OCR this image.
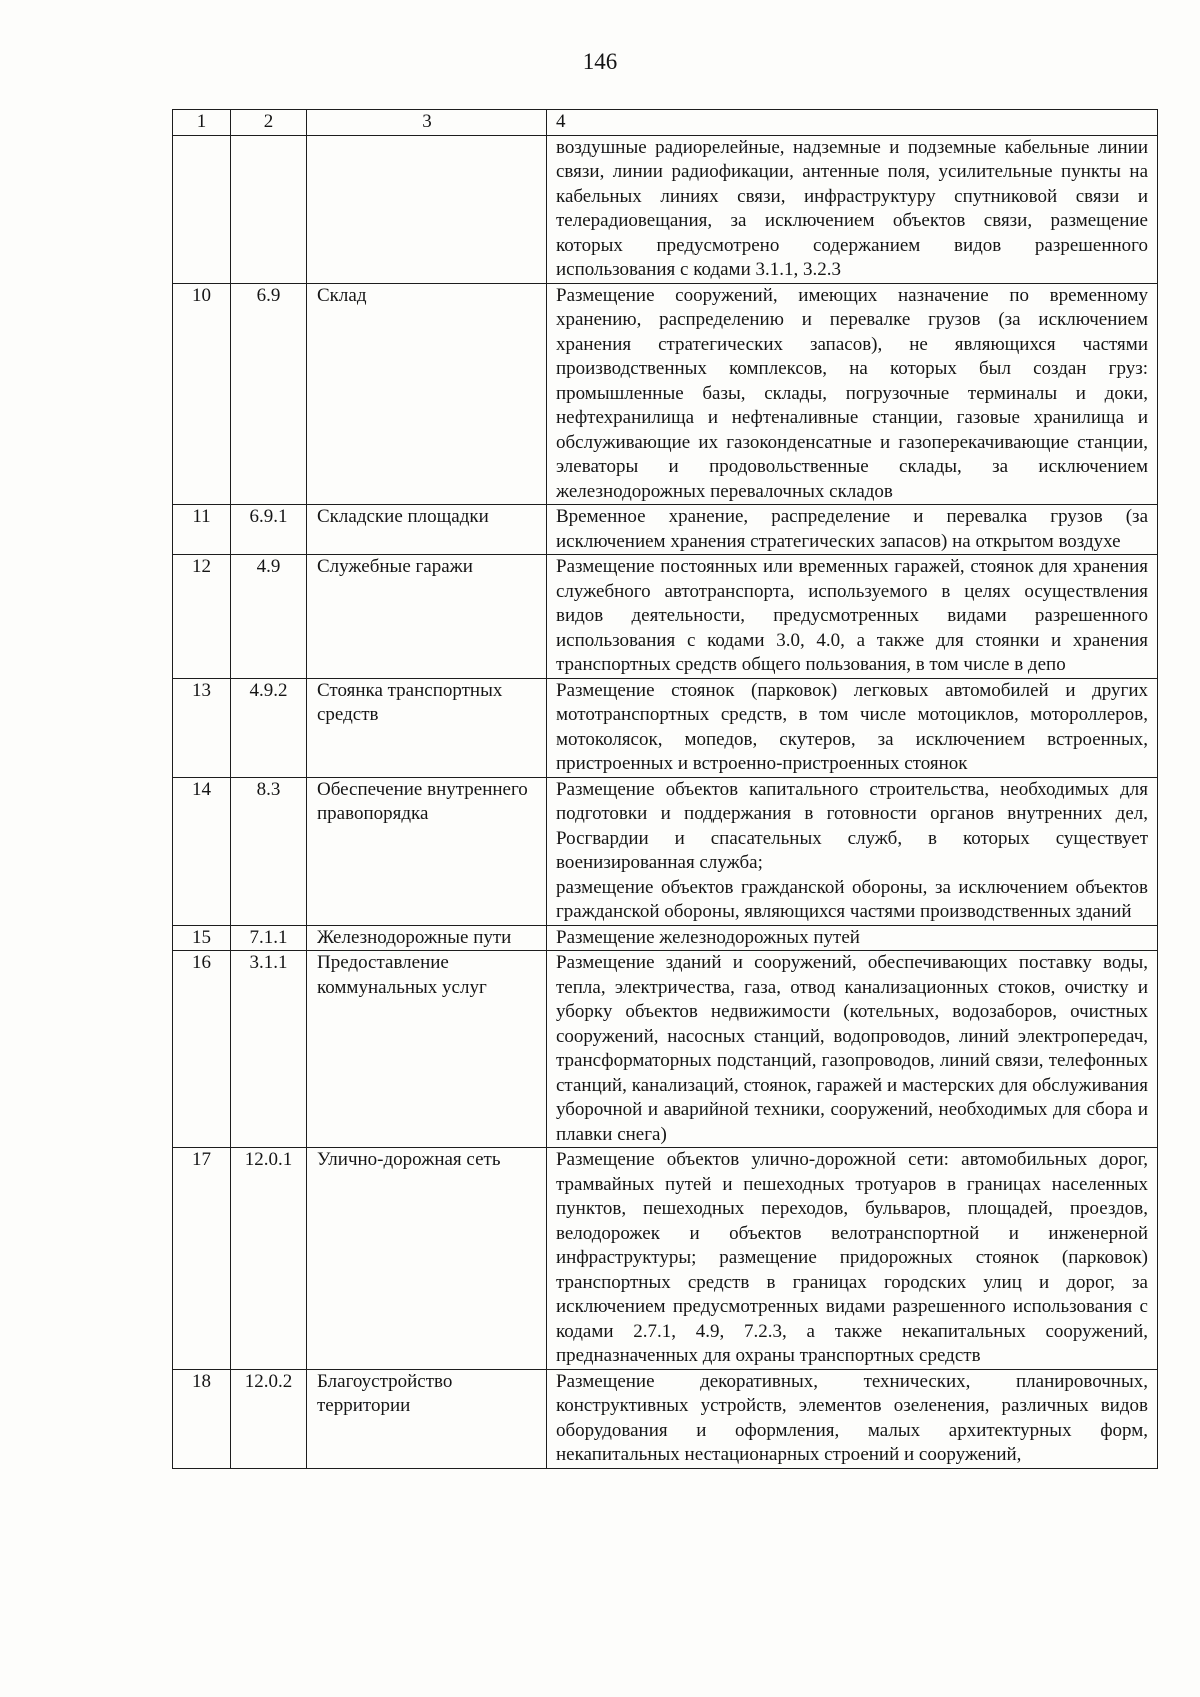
146
1	2	3	4

			воздушные радиорелейные, надземные и подземные кабельные линии связи, линии радиофикации, антенные поля, усилительные пункты на кабельных линиях связи, инфраструктуру спутниковой связи и телерадиовещания, за исключением объектов связи, размещение которых предусмотрено содержанием видов разрешенного использования с кодами 3.1.1, 3.2.3

10	6.9	Склад	Размещение сооружений, имеющих назначение по временному хранению, распределению и перевалке грузов (за исключением хранения стратегических запасов), не являющихся частями производственных комплексов, на которых был создан груз: промышленные базы, склады, погрузочные терминалы и доки, нефтехранилища и нефтеналивные станции, газовые хранилища и обслуживающие их газоконденсатные и газоперекачивающие станции, элеваторы и продовольственные склады, за исключением железнодорожных перевалочных складов

11	6.9.1	Складские площадки	Временное хранение, распределение и перевалка грузов (за исключением хранения стратегических запасов) на открытом воздухе

12	4.9	Служебные гаражи	Размещение постоянных или временных гаражей, стоянок для хранения служебного автотранспорта, используемого в целях осуществления видов деятельности, предусмотренных видами разрешенного использования с кодами 3.0, 4.0, а также для стоянки и хранения транспортных средств общего пользования, в том числе в депо

13	4.9.2	Стоянка транспортных средств	Размещение стоянок (парковок) легковых автомобилей и других мототранспортных средств, в том числе мотоциклов, мотороллеров, мотоколясок, мопедов, скутеров, за исключением встроенных, пристроенных и встроенно-пристроенных стоянок

14	8.3	Обеспечение внутреннего правопорядка	Размещение объектов капитального строительства, необходимых для подготовки и поддержания в готовности органов внутренних дел, Росгвардии и спасательных служб, в которых существует военизированная служба;
размещение объектов гражданской обороны, за исключением объектов гражданской обороны, являющихся частями производственных зданий

15	7.1.1	Железнодорожные пути	Размещение железнодорожных путей

16	3.1.1	Предоставление коммунальных услуг	Размещение зданий и сооружений, обеспечивающих поставку воды, тепла, электричества, газа, отвод канализационных стоков, очистку и уборку объектов недвижимости (котельных, водозаборов, очистных сооружений, насосных станций, водопроводов, линий электропередач, трансформаторных подстанций, газопроводов, линий связи, телефонных станций, канализаций, стоянок, гаражей и мастерских для обслуживания уборочной и аварийной техники, сооружений, необходимых для сбора и плавки снега)

17	12.0.1	Улично-дорожная сеть	Размещение объектов улично-дорожной сети: автомобильных дорог, трамвайных путей и пешеходных тротуаров в границах населенных пунктов, пешеходных переходов, бульваров, площадей, проездов, велодорожек и объектов велотранспортной и инженерной инфраструктуры; размещение придорожных стоянок (парковок) транспортных средств в границах городских улиц и дорог, за исключением предусмотренных видами разрешенного использования с кодами 2.7.1, 4.9, 7.2.3, а также некапитальных сооружений, предназначенных для охраны транспортных средств

18	12.0.2	Благоустройство территории	Размещение декоративных, технических, планировочных, конструктивных устройств, элементов озеленения, различных видов оборудования и оформления, малых архитектурных форм, некапитальных нестационарных строений и сооружений,
